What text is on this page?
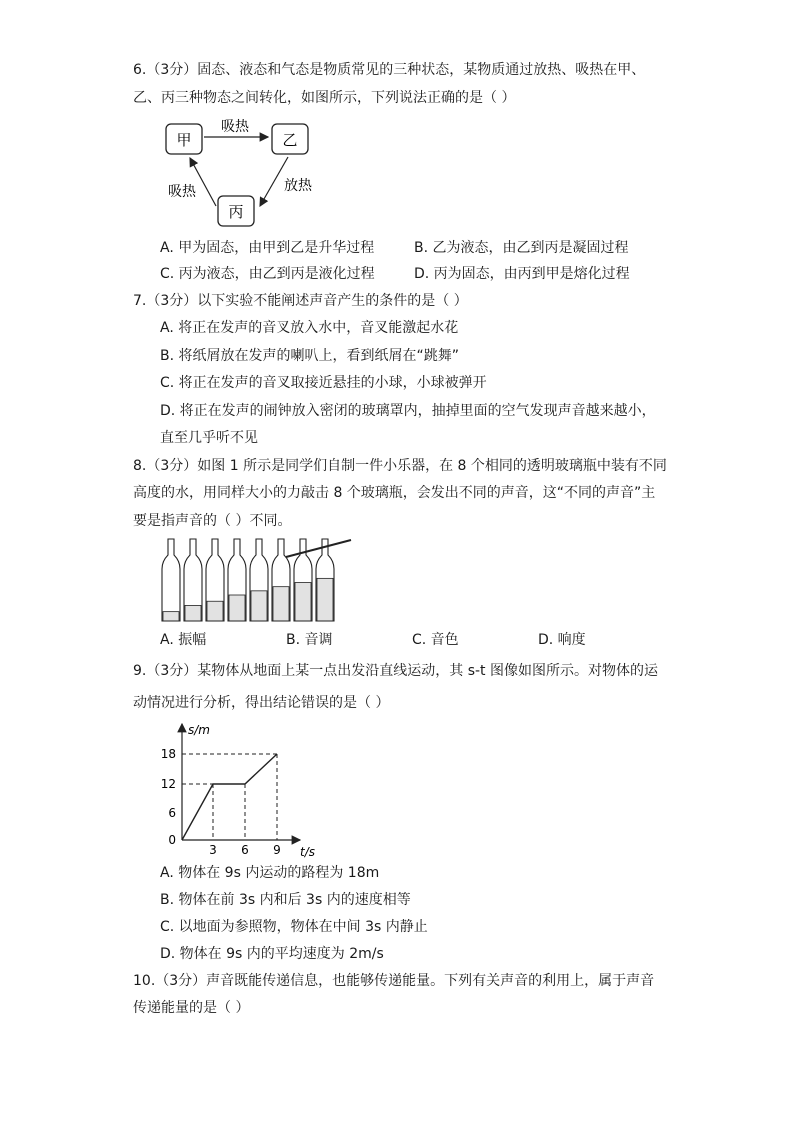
6.（3分）固态、液态和气态是物质常见的三种状态，某物质通过放热、吸热在甲、
乙、丙三种物态之间转化，如图所示，下列说法正确的是（ ）
甲	乙
丙
吸热
放热
吸热
A. 甲为固态，由甲到乙是升华过程	B. 乙为液态，由乙到丙是凝固过程
C. 丙为液态，由乙到丙是液化过程	D. 丙为固态，由丙到甲是熔化过程
7.（3分）以下实验不能阐述声音产生的条件的是（ ）
A. 将正在发声的音叉放入水中，音叉能激起水花
B. 将纸屑放在发声的喇叭上，看到纸屑在“跳舞”
C. 将正在发声的音叉取接近悬挂的小球，小球被弹开
D. 将正在发声的闹钟放入密闭的玻璃罩内，抽掉里面的空气发现声音越来越小，
直至几乎听不见
8.（3分）如图 1 所示是同学们自制一件小乐器，在 8 个相同的透明玻璃瓶中装有不同
高度的水，用同样大小的力敲击 8 个玻璃瓶，会发出不同的声音，这“不同的声音”主
要是指声音的（ ）不同。
A. 振幅	B. 音调	C. 音色	D. 响度
9.（3分）某物体从地面上某一点出发沿直线运动，其 s-t 图像如图所示。对物体的运
动情况进行分析，得出结论错误的是（ ）
s/m
t/s
18
12
6
0
3 6 9
A. 物体在 9s 内运动的路程为 18m
B. 物体在前 3s 内和后 3s 内的速度相等
C. 以地面为参照物，物体在中间 3s 内静止
D. 物体在 9s 内的平均速度为 2m/s
10.（3分）声音既能传递信息，也能够传递能量。下列有关声音的利用上，属于声音
传递能量的是（ ）
